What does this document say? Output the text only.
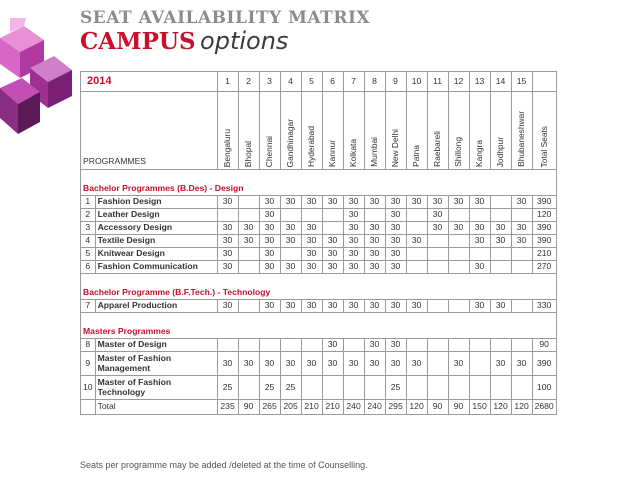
SEAT AVAILABILITY MATRIX
CAMPUS options
2014		1	2	3	4	5	6	7	8	9	10	11	12	13	14	15	
PROGRAMMES		Bengaluru	Bhopal	Chennai	Gandhinagar	Hyderabad	Kannur	Kolkata	Mumbai	New Delhi	Patna	Raebareli	Shillong	Kangra	Jodhpur	Bhubaneshwar	Total Seats
Bachelor Programmes (B.Des) - Design																	
1	Fashion Design	30		30	30	30	30	30	30	30	30	30	30	30		30	390
2	Leather Design			30				30		30		30					120
3	Accessory Design	30	30	30	30	30		30	30	30		30	30	30	30	30	390
4	Textile Design	30	30	30	30	30	30	30	30	30	30			30	30	30	390
5	Knitwear Design	30		30		30	30	30	30	30							210
6	Fashion Communication	30		30	30	30	30	30	30	30				30			270
Bachelor Programme (B.F.Tech.) - Technology																	
7	Apparel Production	30		30	30	30	30	30	30	30	30			30	30		330
Masters Programmes																	
8	Master of Design						30		30	30							90
9	Master of Fashion Management	30	30	30	30	30	30	30	30	30	30		30		30	30	390
10	Master of Fashion Technology	25		25	25					25							100
	Total	235	90	265	205	210	210	240	240	295	120	90	90	150	120	120	2680
Seats per programme may be added /deleted at the time of Counselling.
